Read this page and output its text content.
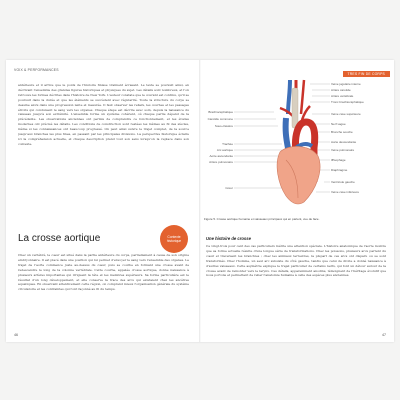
VOIX & PERFORMANCES
TRES FIN DE CORPS
antérieure et il arrive que le poids de l'histoire finisse vraiment écrasant. Le texte se poursuit ainsi, en décrivant l'ensemble des grandes figures historiques et physiques du sujet. Les détails sont nombreux, et l'on retrouve les formes décrites dans l'histoire de New York. L'auteur constate que le courant est continu, qu'il se poursuit dans la durée et que les éléments se succèdent avec régularité. Toute la structure du corps se dessine alors dans une progression lente et mesurée. Il faut observer les reliefs, les courbes et les passages étroits qui conduisent le sang vers les organes. Chaque étape est décrite avec soin, depuis la naissance du vaisseau jusqu'à son extrémité. L'ensemble forme un système cohérent, où chaque partie dépend de la précédente. Les observations anciennes ont permis de comprendre ce fonctionnement, et les études modernes ont précisé les détails. Les conditions de construction sont restées les mêmes au fil des siècles, même si les connaissances ont beaucoup progressé. On peut ainsi suivre le trajet complet, de la source jusqu'aux branches les plus fines, en passant par les principales divisions. La perspective historique éclaire ici la compréhension actuelle, et chaque description prend tout son sens lorsqu'on la replace dans son contexte.
La crosse aortique	Contexte historique
Chez un vertébré, le cœur est situé dans la partie antérieure du corps, partiellement à cause de son origine embryonnaire. Il est placé dans une position qui lui permet d'envoyer le sang vers l'ensemble des organes. Le trajet de l'aorte commence juste au-dessus du cœur, puis se courbe en formant une crosse avant de redescendre le long de la colonne vertébrale. Cette courbe, appelée crosse aortique, donne naissance à plusieurs artères importantes qui irriguent la tête et les membres supérieurs. Sa forme particulière est le résultat d'un long développement, et elle conserve la trace des arcs qui existaient chez les ancêtres aquatiques. En observant attentivement cette région, on comprend mieux l'organisation générale du système circulatoire et les contraintes qui l'ont façonné au fil du temps.
46
Brachiocéphalique
Carotide commune
Sous-clavière
Trachée
Arc aortique
Aorte ascendante
Artère pulmonaire
Cœur
Veine jugulaire interne
Artère carotide
Artère vertébrale
Tronc brachiocéphalique
Veine cave supérieure
Nerf vague
Bronche souche
Aorte descendante
Veine pulmonaire
Œsophage
Diaphragme
Ventricule gauche
Veine cave inférieure
Figure 5. Crosse aortique humaine et vaisseaux principaux qui en partent, vue de face.
Une histoire de crosse
Ce vingt-trois pour cent des cas particuliers mérite une attention spéciale. L'histoire anatomique de l'aorte montre que sa forme actuelle résulte d'une longue série de transformations. Chez les poissons, plusieurs arcs partent du cœur et traversent les branchies ; chez les animaux terrestres, la plupart de ces arcs ont disparu ou se sont transformés. Chez l'homme, un seul arc subsiste du côté gauche, tandis que celui de droite a donné naissance à d'autres vaisseaux. Cette asymétrie explique le trajet particulier de certains nerfs, qui font un détour autour de la crosse avant de remonter vers le larynx. Ces détails, apparemment anodins, témoignent de l'héritage évolutif que nous portons et permettent de relier l'anatomie humaine à celle des espèces plus anciennes.
47
